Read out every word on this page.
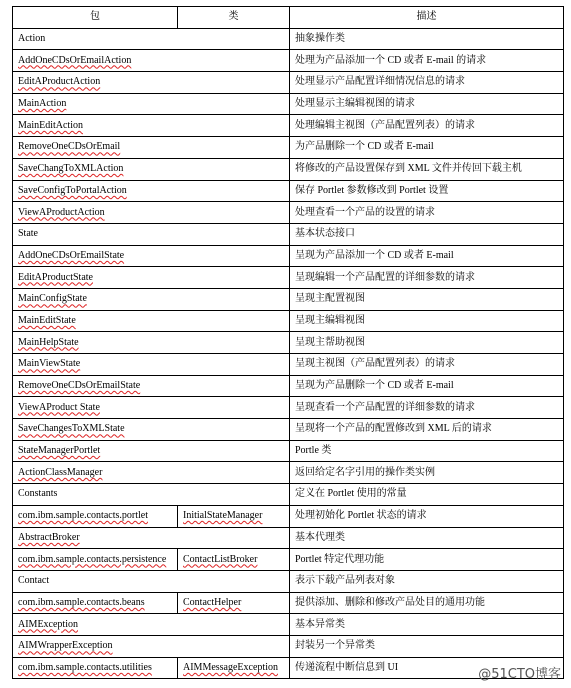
包	类	描述
Action		抽象操作类
AddOneCDsOrEmailAction		处理为产品添加一个 CD 或者 E-mail 的请求
EditAProductAction		处理显示产品配置详细情况信息的请求
MainAction		处理显示主编辑视图的请求
MainEditAction		处理编辑主视图（产品配置列表）的请求
RemoveOneCDsOrEmail		为产品删除一个 CD 或者 E-mail
SaveChangToXMLAction		将修改的产品设置保存到 XML 文件并传回下载主机
SaveConfigToPortalAction		保存 Portlet 参数修改到 Portlet 设置
ViewAProductAction		处理查看一个产品的设置的请求
State		基本状态接口
AddOneCDsOrEmailState		呈现为产品添加一个 CD 或者 E-mail
EditAProductState		呈现编辑一个产品配置的详细参数的请求
MainConfigState		呈现主配置视图
MainEditState		呈现主编辑视图
MainHelpState		呈现主帮助视图
MainViewState		呈现主视图（产品配置列表）的请求
RemoveOneCDsOrEmailState		呈现为产品删除一个 CD 或者 E-mail
ViewAProduct State		呈现查看一个产品配置的详细参数的请求
SaveChangesToXMLState		呈现将一个产品的配置修改到 XML 后的请求
StateManagerPortlet		Portle 类
ActionClassManager		返回给定名字引用的操作类实例
Constants		定义在 Portlet 使用的常量
com.ibm.sample.contacts.portlet	InitialStateManager	处理初始化 Portlet 状态的请求
AbstractBroker		基本代理类
com.ibm.sample.contacts.persistence	ContactListBroker	Portlet 特定代理功能
Contact		表示下载产品列表对象
com.ibm.sample.contacts.beans	ContactHelper	提供添加、删除和修改产品处目的通用功能
AIMException		基本异常类
AIMWrapperException		封装另一个异常类
com.ibm.sample.contacts.utilities	AIMMessageException	传递流程中断信息到 UI	@51CTO博客
